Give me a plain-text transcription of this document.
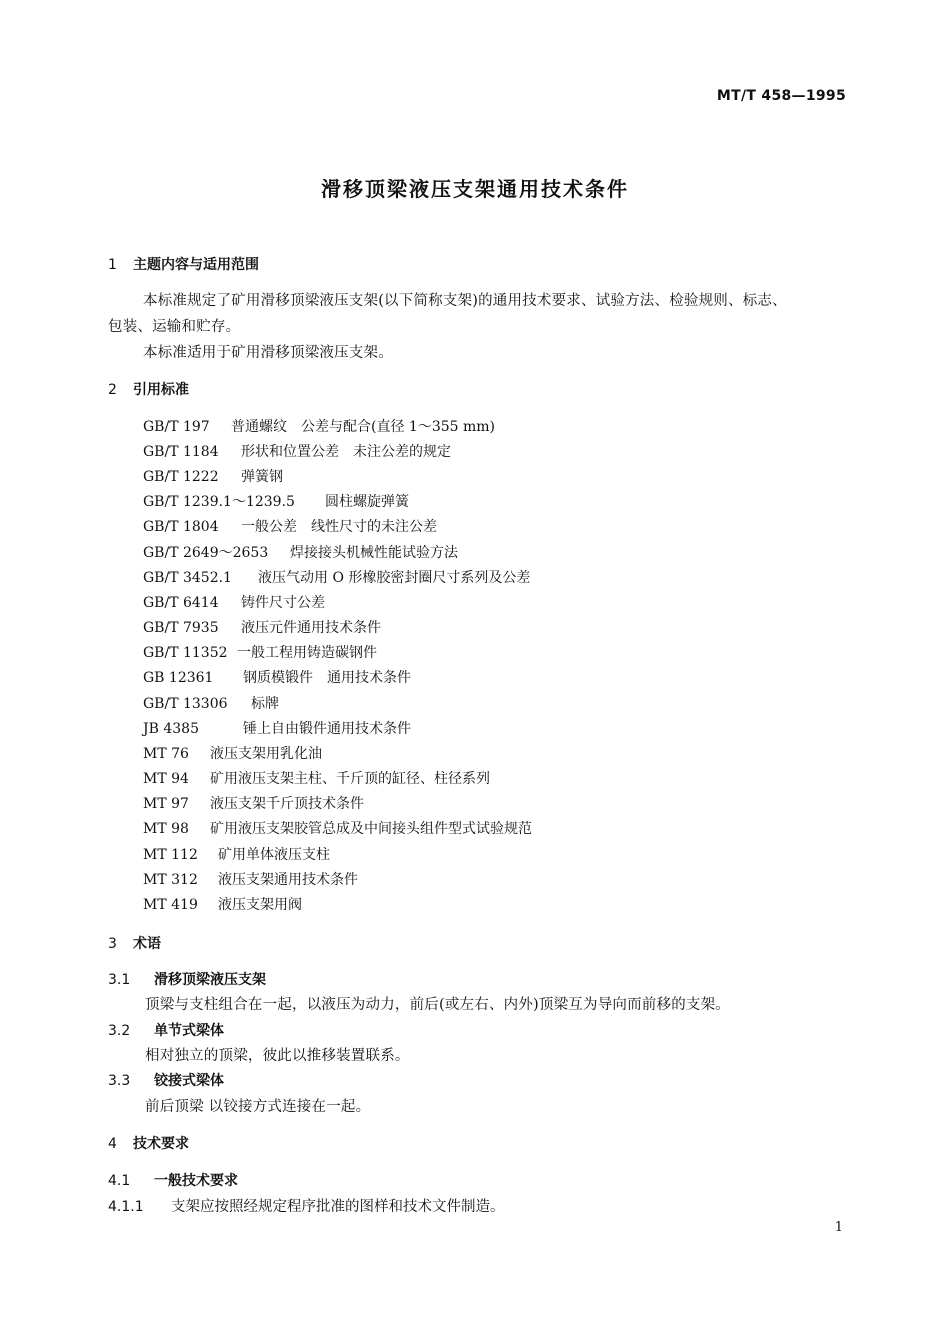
MT/T 458—1995
滑移顶梁液压支架通用技术条件
1 主题内容与适用范围
本标准规定了矿用滑移顶梁液压支架(以下简称支架)的通用技术要求、试验方法、检验规则、标志、
包装、运输和贮存。
本标准适用于矿用滑移顶梁液压支架。
2 引用标准
GB/T 197 普通螺纹　公差与配合(直径 1～355 mm)
GB/T 1184 形状和位置公差　未注公差的规定
GB/T 1222 弹簧钢
GB/T 1239.1～1239.5 圆柱螺旋弹簧
GB/T 1804 一般公差　线性尺寸的未注公差
GB/T 2649～2653 焊接接头机械性能试验方法
GB/T 3452.1 液压气动用 O 形橡胶密封圈尺寸系列及公差
GB/T 6414 铸件尺寸公差
GB/T 7935 液压元件通用技术条件
GB/T 11352 一般工程用铸造碳钢件
GB 12361 钢质模锻件　通用技术条件
GB/T 13306 标牌
JB 4385	锤上自由锻件通用技术条件
MT 76 液压支架用乳化油
MT 94 矿用液压支架主柱、千斤顶的缸径、柱径系列
MT 97 液压支架千斤顶技术条件
MT 98 矿用液压支架胶管总成及中间接头组件型式试验规范
MT 112 矿用单体液压支柱
MT 312 液压支架通用技术条件
MT 419 液压支架用阀
3 术语
3.1 滑移顶梁液压支架
顶梁与支柱组合在一起，以液压为动力，前后(或左右、内外)顶梁互为导向而前移的支架。
3.2 单节式梁体
相对独立的顶梁，彼此以推移装置联系。
3.3 铰接式梁体
前后顶梁 以铰接方式连接在一起。
4 技术要求
4.1 一般技术要求
4.1.1 支架应按照经规定程序批准的图样和技术文件制造。
1
